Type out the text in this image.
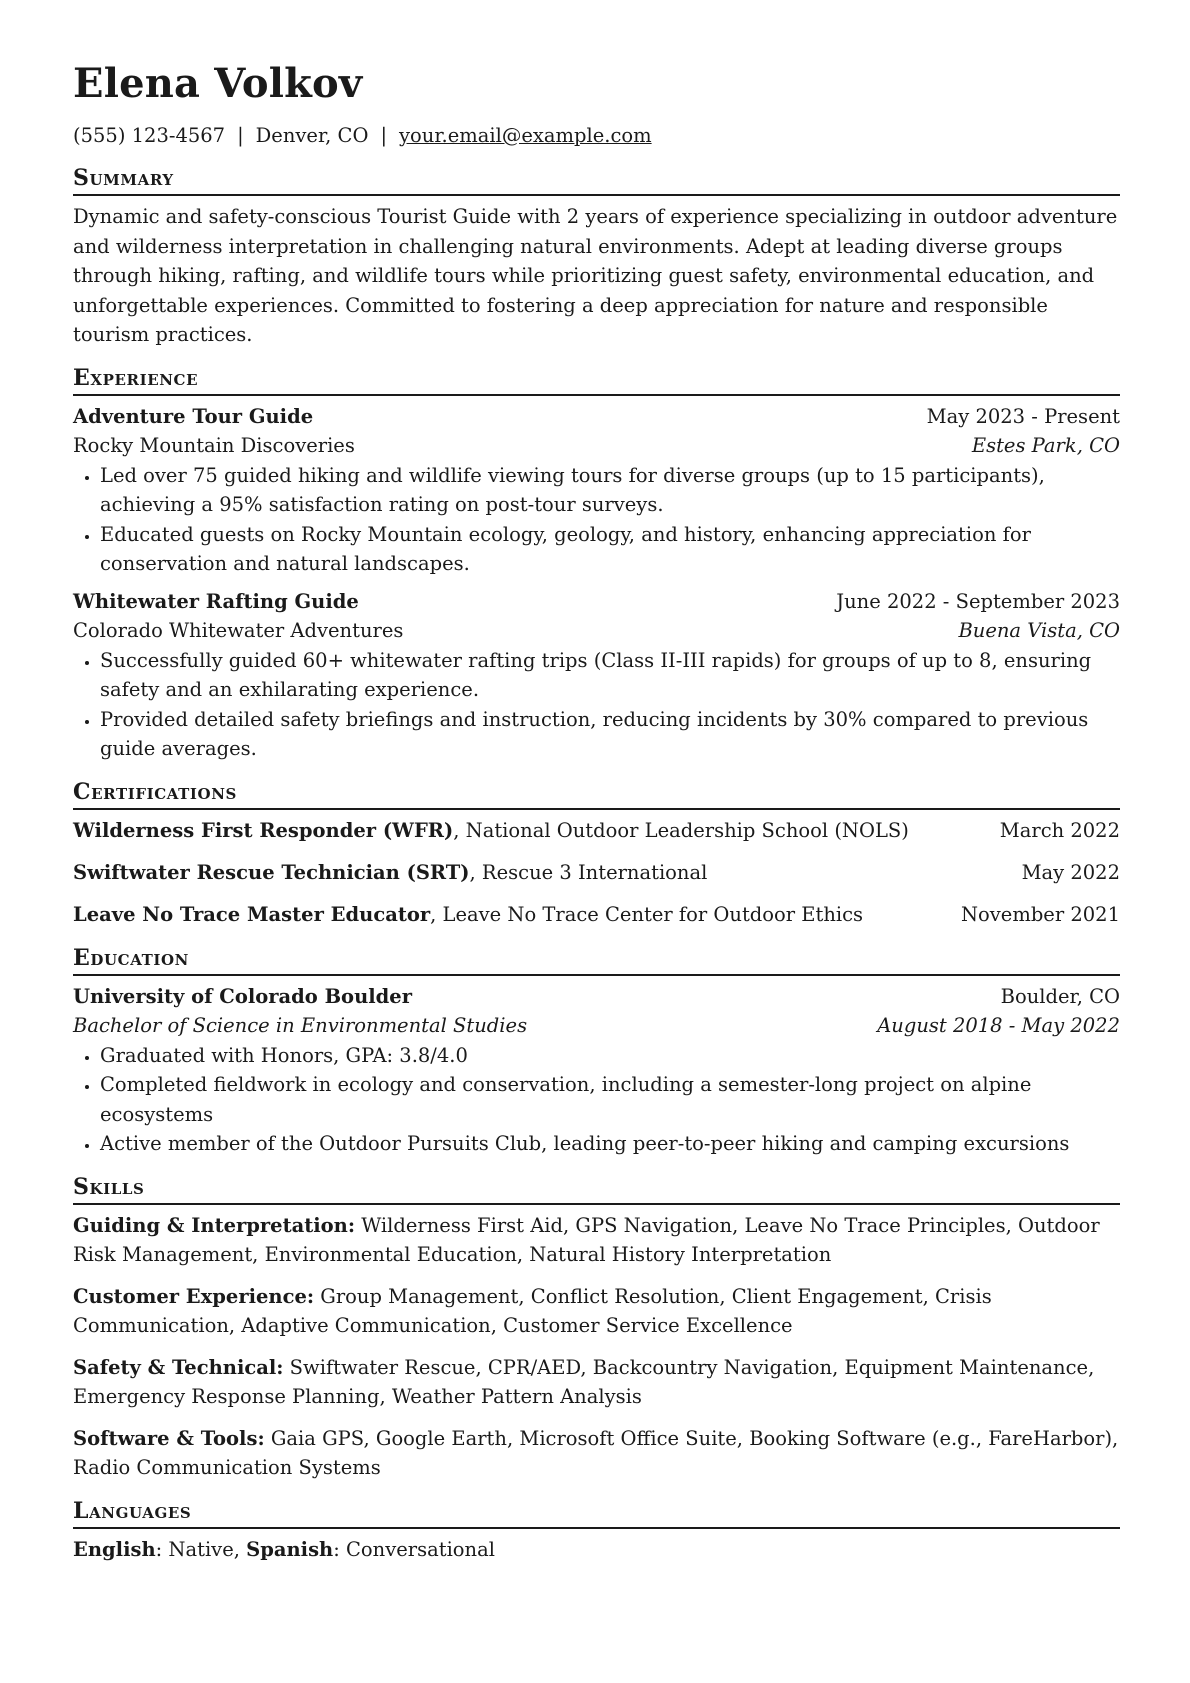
Elena Volkov
(555) 123-4567 | Denver, CO | your.email@example.com
Summary

Dynamic and safety-conscious Tourist Guide with 2 years of experience specializing in outdoor adventure and wilderness interpretation in challenging natural environments. Adept at leading diverse groups through hiking, rafting, and wildlife tours while prioritizing guest safety, environmental education, and unforgettable experiences. Committed to fostering a deep appreciation for nature and responsible tourism practices.

Experience
Adventure Tour Guide	May 2023 - Present
Rocky Mountain Discoveries	Estes Park, CO
• Led over 75 guided hiking and wildlife viewing tours for diverse groups (up to 15 participants), achieving a 95% satisfaction rating on post-tour surveys.
• Educated guests on Rocky Mountain ecology, geology, and history, enhancing appreciation for conservation and natural landscapes.
Whitewater Rafting Guide	June 2022 - September 2023
Colorado Whitewater Adventures	Buena Vista, CO
• Successfully guided 60+ whitewater rafting trips (Class II-III rapids) for groups of up to 8, ensuring safety and an exhilarating experience.
• Provided detailed safety briefings and instruction, reducing incidents by 30% compared to previous guide averages.
Certifications
Wilderness First Responder (WFR), National Outdoor Leadership School (NOLS)	March 2022
Swiftwater Rescue Technician (SRT), Rescue 3 International	May 2022
Leave No Trace Master Educator, Leave No Trace Center for Outdoor Ethics	November 2021
Education
University of Colorado Boulder	Boulder, CO
Bachelor of Science in Environmental Studies	August 2018 - May 2022
• Graduated with Honors, GPA: 3.8/4.0
• Completed fieldwork in ecology and conservation, including a semester-long project on alpine ecosystems
• Active member of the Outdoor Pursuits Club, leading peer-to-peer hiking and camping excursions
Skills
Guiding & Interpretation: Wilderness First Aid, GPS Navigation, Leave No Trace Principles, Outdoor Risk Management, Environmental Education, Natural History Interpretation
Customer Experience: Group Management, Conflict Resolution, Client Engagement, Crisis Communication, Adaptive Communication, Customer Service Excellence
Safety & Technical: Swiftwater Rescue, CPR/AED, Backcountry Navigation, Equipment Maintenance, Emergency Response Planning, Weather Pattern Analysis
Software & Tools: Gaia GPS, Google Earth, Microsoft Office Suite, Booking Software (e.g., FareHarbor), Radio Communication Systems
Languages
English: Native, Spanish: Conversational
